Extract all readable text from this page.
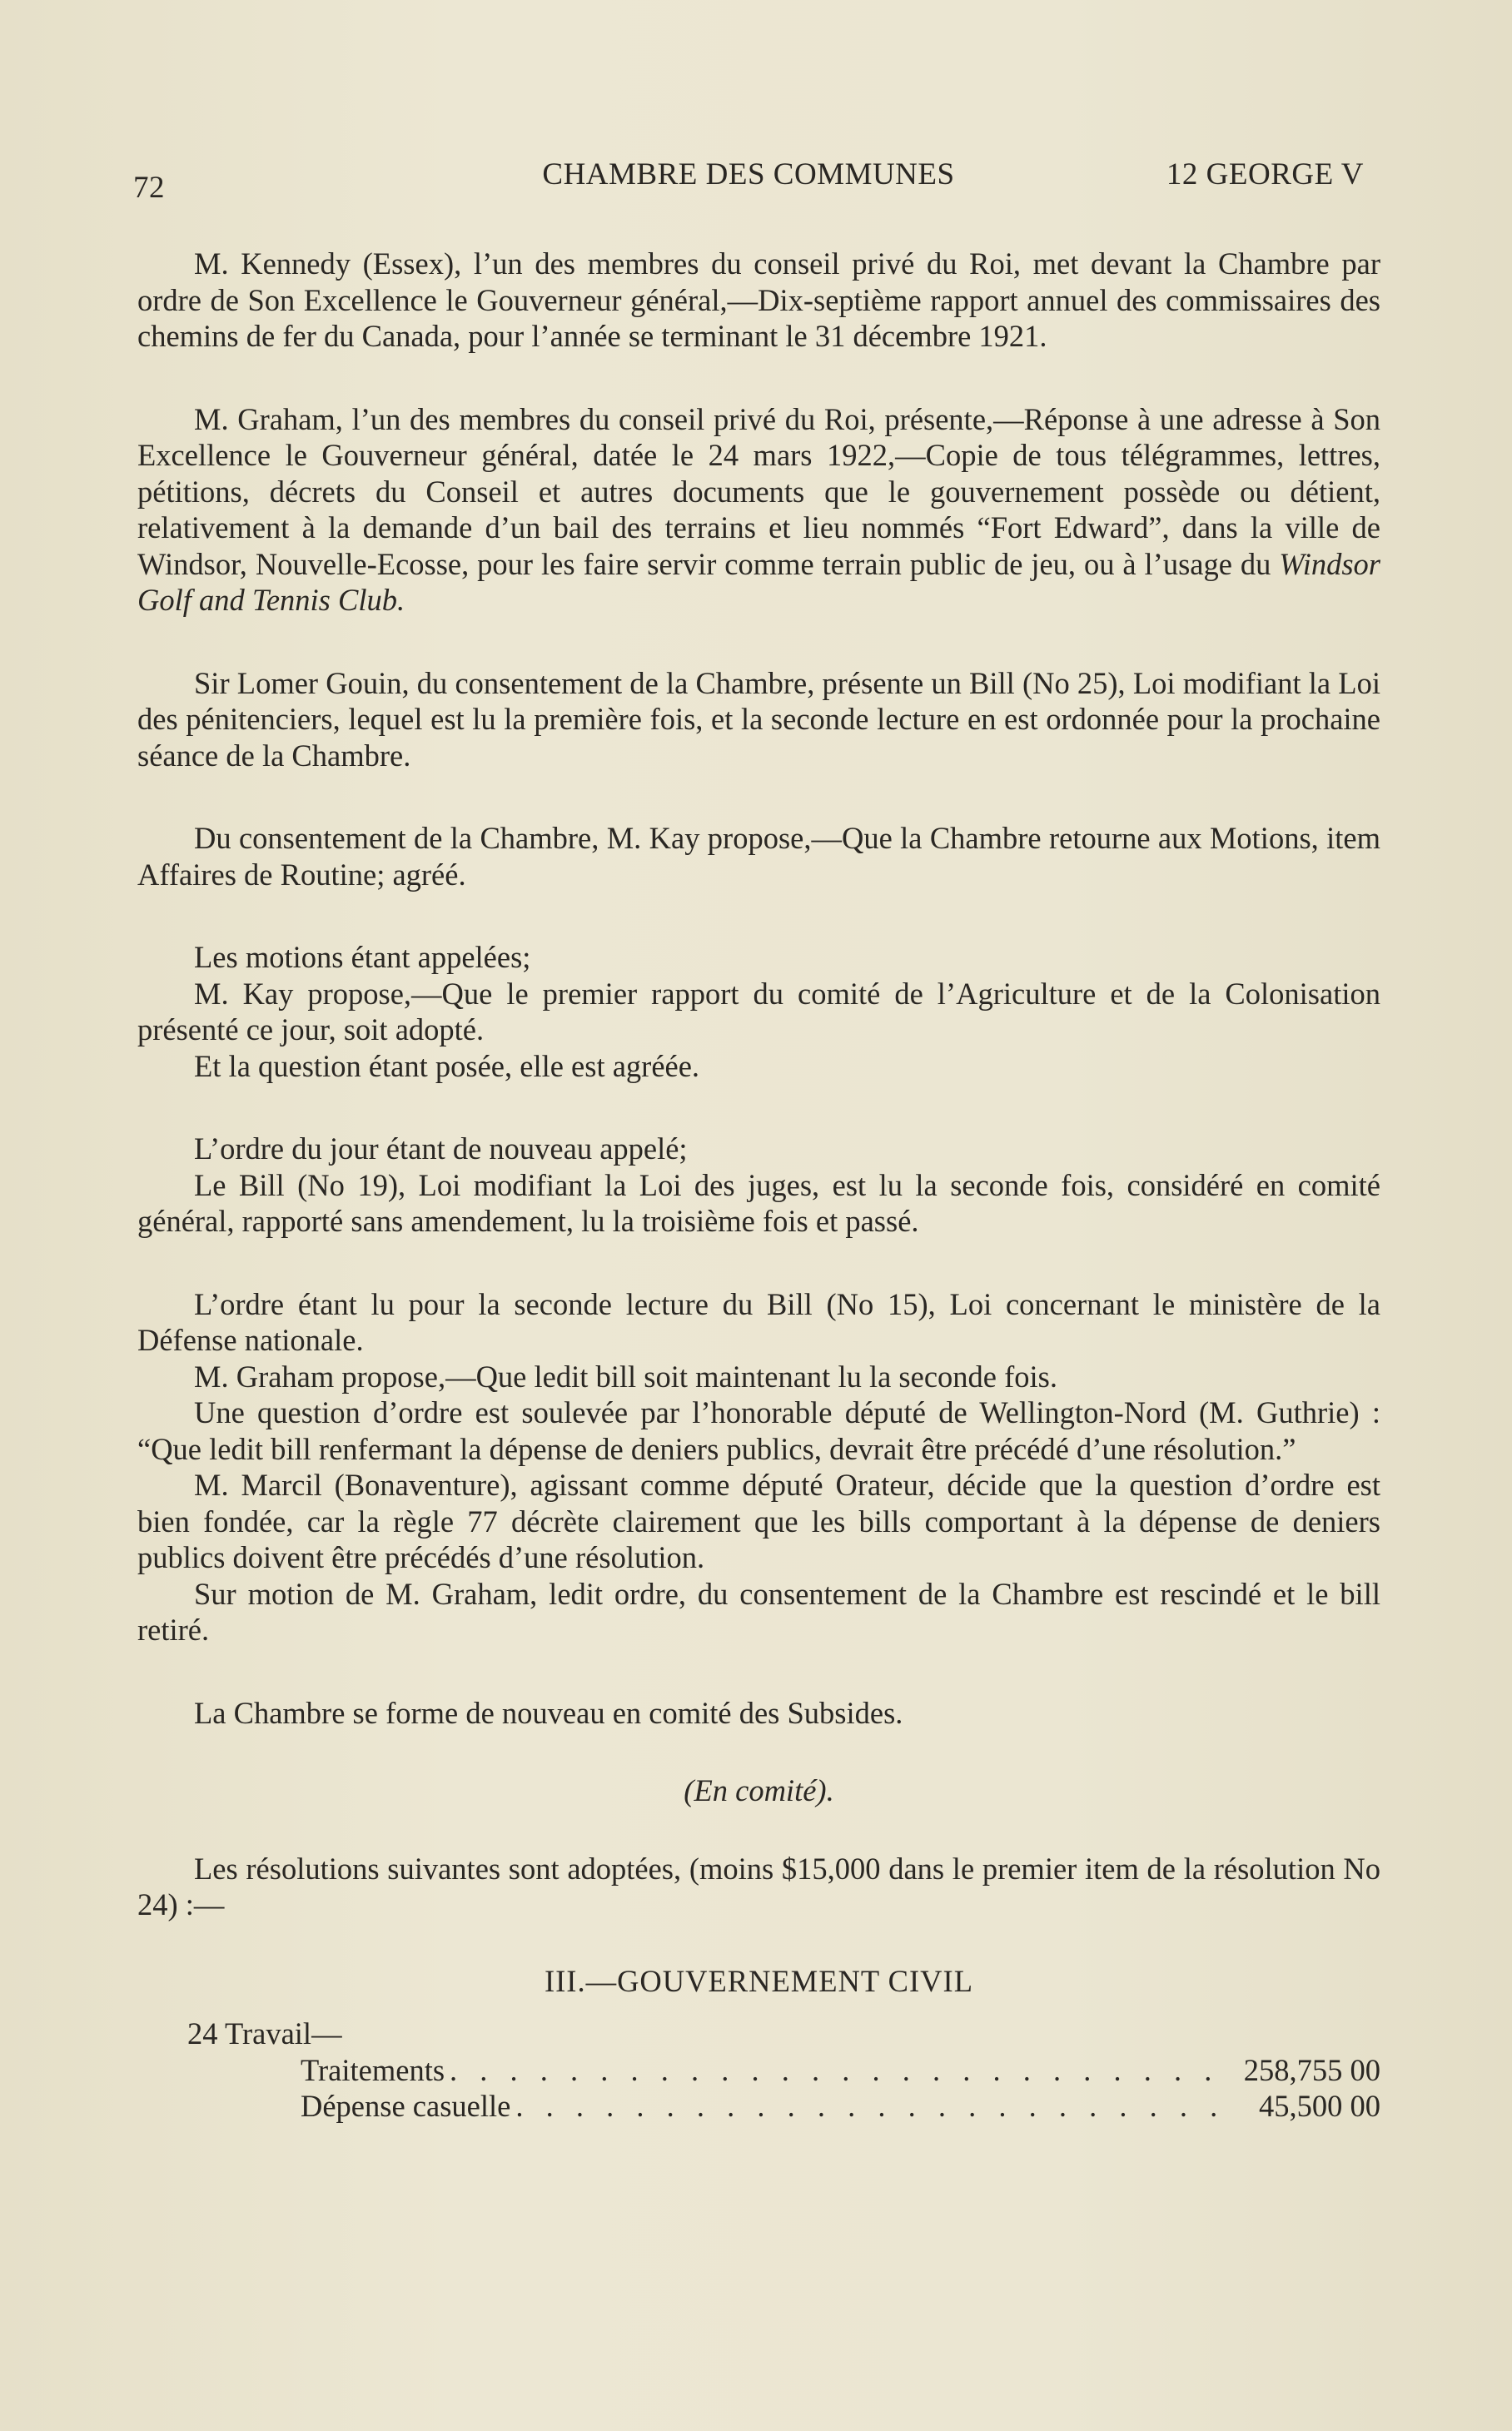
72	CHAMBRE DES COMMUNES	12 GEORGE V

M. Kennedy (Essex), l’un des membres du conseil privé du Roi, met devant la Chambre par ordre de Son Excellence le Gouverneur général,—Dix-septième rapport annuel des commissaires des chemins de fer du Canada, pour l’année se terminant le 31 décembre 1921.

M. Graham, l’un des membres du conseil privé du Roi, présente,—Réponse à une adresse à Son Excellence le Gouverneur général, datée le 24 mars 1922,—Copie de tous télégrammes, lettres, pétitions, décrets du Conseil et autres documents que le gouvernement possède ou détient, relativement à la demande d’un bail des terrains et lieu nommés “Fort Edward”, dans la ville de Windsor, Nouvelle-Ecosse, pour les faire servir comme terrain public de jeu, ou à l’usage du Windsor Golf and Tennis Club.

Sir Lomer Gouin, du consentement de la Chambre, présente un Bill (No 25), Loi modifiant la Loi des pénitenciers, lequel est lu la première fois, et la seconde lecture en est ordonnée pour la prochaine séance de la Chambre.

Du consentement de la Chambre, M. Kay propose,—Que la Chambre retourne aux Motions, item Affaires de Routine; agréé.

Les motions étant appelées;

M. Kay propose,—Que le premier rapport du comité de l’Agriculture et de la Colonisation présenté ce jour, soit adopté.

Et la question étant posée, elle est agréée.

L’ordre du jour étant de nouveau appelé;

Le Bill (No 19), Loi modifiant la Loi des juges, est lu la seconde fois, considéré en comité général, rapporté sans amendement, lu la troisième fois et passé.

L’ordre étant lu pour la seconde lecture du Bill (No 15), Loi concernant le ministère de la Défense nationale.

M. Graham propose,—Que ledit bill soit maintenant lu la seconde fois.

Une question d’ordre est soulevée par l’honorable député de Wellington-Nord (M. Guthrie) : “Que ledit bill renfermant la dépense de deniers publics, devrait être précédé d’une résolution.”

M. Marcil (Bonaventure), agissant comme député Orateur, décide que la question d’ordre est bien fondée, car la règle 77 décrète clairement que les bills comportant à la dépense de deniers publics doivent être précédés d’une résolution.

Sur motion de M. Graham, ledit ordre, du consentement de la Chambre est rescindé et le bill retiré.

La Chambre se forme de nouveau en comité des Subsides.

(En comité).

Les résolutions suivantes sont adoptées, (moins $15,000 dans le premier item de la résolution No 24) :—

III.—GOUVERNEMENT CIVIL
24 Travail—
Traitements . . .	258,755 00
Dépense casuelle . . .	45,500 00
